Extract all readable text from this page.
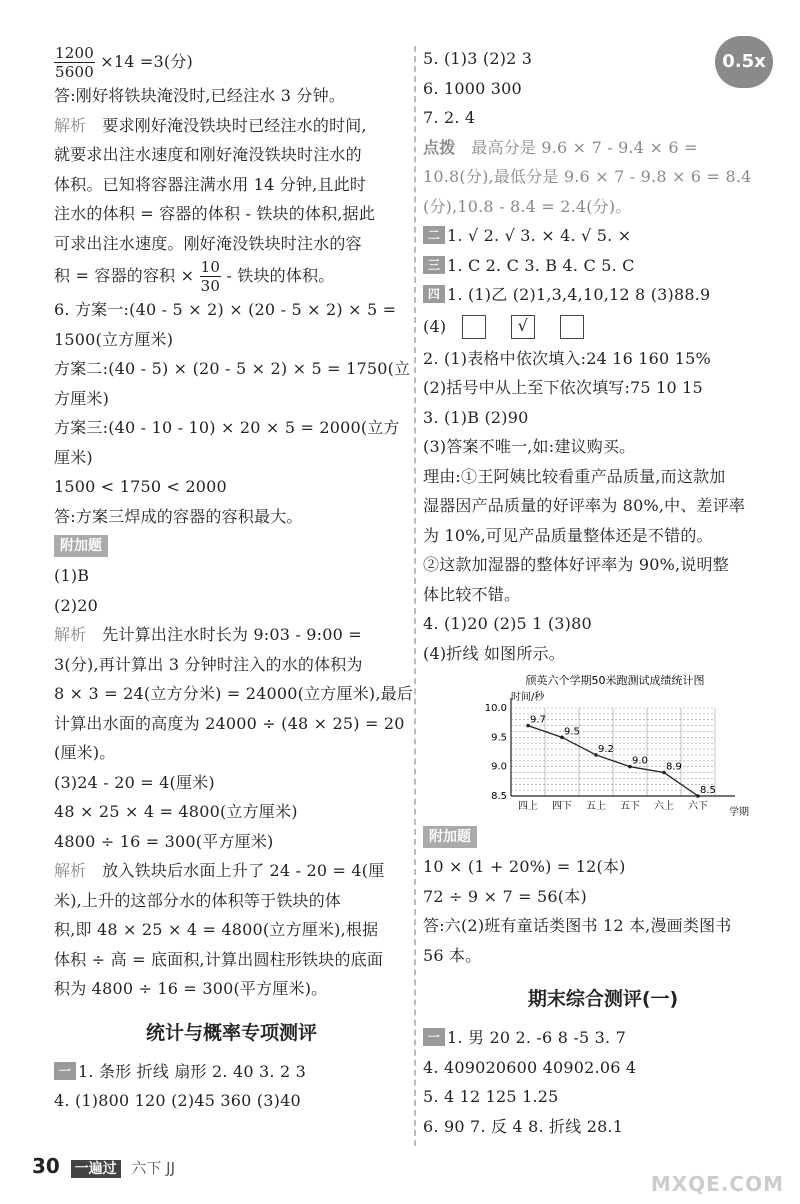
0.5x
$\frac{1200}{5600} \times 14 =3$(分)
答:刚好将铁块淹没时,已经注水 3 分钟。
解析 要求刚好淹没铁块时已经注水的时间,
就要求出注水速度和刚好淹没铁块时注水的
体积。已知将容器注满水用 14 分钟,且此时
注水的体积 = 容器的体积 - 铁块的体积,据此
可求出注水速度。刚好淹没铁块时注水的容
积 = 容器的容积 × $\frac{10}{30}$ - 铁块的体积。
6. 方案一:(40 - 5 × 2) × (20 - 5 × 2) × 5 =
1500(立方厘米)
方案二:(40 - 5) × (20 - 5 × 2) × 5 = 1750(立
方厘米)
方案三:(40 - 10 - 10) × 20 × 5 = 2000(立方
厘米)
1500 < 1750 < 2000
答:方案三焊成的容器的容积最大。
附加题
(1)B
(2)20
解析 先计算出注水时长为 9:03 - 9:00 =
3(分),再计算出 3 分钟时注入的水的体积为
8 × 3 = 24(立方分米) = 24000(立方厘米),最后
计算出水面的高度为 24000 ÷ (48 × 25) = 20
(厘米)。
(3)24 - 20 = 4(厘米)
48 × 25 × 4 = 4800(立方厘米)
4800 ÷ 16 = 300(平方厘米)
解析 放入铁块后水面上升了 24 - 20 = 4(厘
米),上升的这部分水的体积等于铁块的体
积,即 48 × 25 × 4 = 4800(立方厘米),根据
体积 ÷ 高 = 底面积,计算出圆柱形铁块的底面
积为 4800 ÷ 16 = 300(平方厘米)。
统计与概率专项测评
一 1. 条形 折线 扇形 2. 40 3. 2 3
4. (1)800 120 (2)45 360 (3)40
5. (1)3 (2)2 3
6. 1000 300
7. 2. 4
点拨 最高分是 9.6 × 7 - 9.4 × 6 =
10.8(分),最低分是 9.6 × 7 - 9.8 × 6 = 8.4
(分),10.8 - 8.4 = 2.4(分)。
二 1. √ 2. √ 3. × 4. √ 5. ×
三 1. C 2. C 3. B 4. C 5. C
四 1. (1)乙 (2)1,3,4,10,12 8 (3)88.9
(4)	√
2. (1)表格中依次填入:24 16 160 15%
(2)括号中从上至下依次填写:75 10 15
3. (1)B (2)90
(3)答案不唯一,如:建议购买。
理由:①王阿姨比较看重产品质量,而这款加
湿器因产品质量的好评率为 80%,中、差评率
为 10%,可见产品质量整体还是不错的。
②这款加湿器的整体好评率为 90%,说明整
体比较不错。
4. (1)20 (2)5 1 (3)80
(4)折线 如图所示。
颀英六个学期50米跑测试成绩统计图
时间/秒
学期
10.0
9.5
9.0
8.5
四上 四下 五上 五下 六上 六下
9.7
9.5
9.2
9.0
8.9
8.5
附加题
10 × (1 + 20%) = 12(本)
72 ÷ 9 × 7 = 56(本)
答:六(2)班有童话类图书 12 本,漫画类图书
56 本。
期末综合测评(一)
一 1. 男 20 2. -6 8 -5 3. 7
4. 409020600 40902.06 4
5. 4 12 125 1.25
6. 90 7. 反 4 8. 折线 28.1
30 一遍过 六下 JJ
MXQE.COM
